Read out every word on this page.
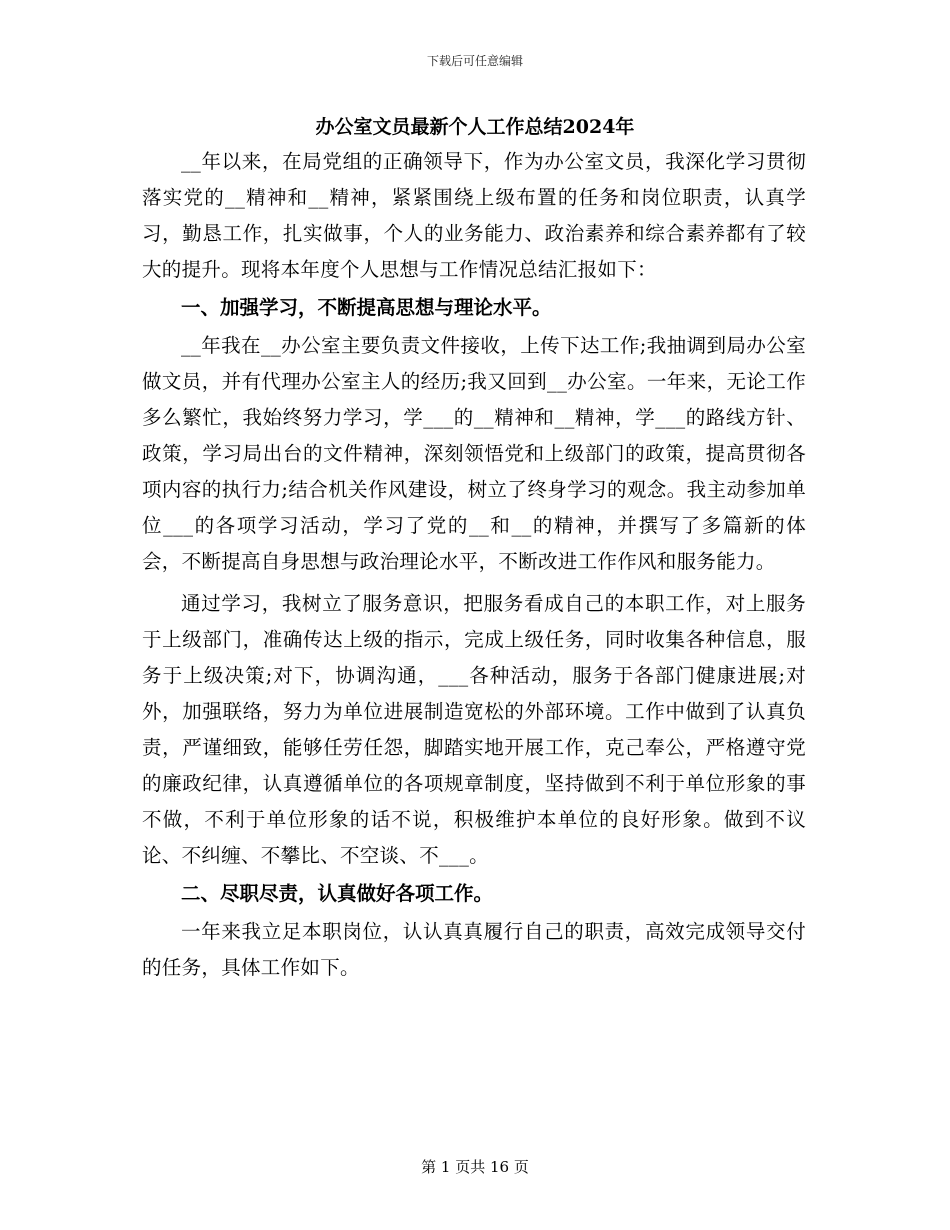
下载后可任意编辑
办公室文员最新个人工作总结2024年

__年以来，在局党组的正确领导下，作为办公室文员，我深化学习贯彻落实党的__精神和__精神，紧紧围绕上级布置的任务和岗位职责，认真学习，勤恳工作，扎实做事，个人的业务能力、政治素养和综合素养都有了较大的提升。现将本年度个人思想与工作情况总结汇报如下：

一、加强学习，不断提高思想与理论水平。

__年我在__办公室主要负责文件接收，上传下达工作;我抽调到局办公室做文员，并有代理办公室主人的经历;我又回到__办公室。一年来，无论工作多么繁忙，我始终努力学习，学___的__精神和__精神，学___的路线方针、政策，学习局出台的文件精神，深刻领悟党和上级部门的政策，提高贯彻各项内容的执行力;结合机关作风建设，树立了终身学习的观念。我主动参加单位___的各项学习活动，学习了党的__和__的精神，并撰写了多篇新的体会，不断提高自身思想与政治理论水平，不断改进工作作风和服务能力。

通过学习，我树立了服务意识，把服务看成自己的本职工作，对上服务于上级部门，准确传达上级的指示，完成上级任务，同时收集各种信息，服务于上级决策;对下，协调沟通，___各种活动，服务于各部门健康进展;对外，加强联络，努力为单位进展制造宽松的外部环境。工作中做到了认真负责，严谨细致，能够任劳任怨，脚踏实地开展工作，克己奉公，严格遵守党的廉政纪律，认真遵循单位的各项规章制度，坚持做到不利于单位形象的事不做，不利于单位形象的话不说，积极维护本单位的良好形象。做到不议论、不纠缠、不攀比、不空谈、不___。

二、尽职尽责，认真做好各项工作。

一年来我立足本职岗位，认认真真履行自己的职责，高效完成领导交付的任务，具体工作如下。

第 1 页共 16 页
